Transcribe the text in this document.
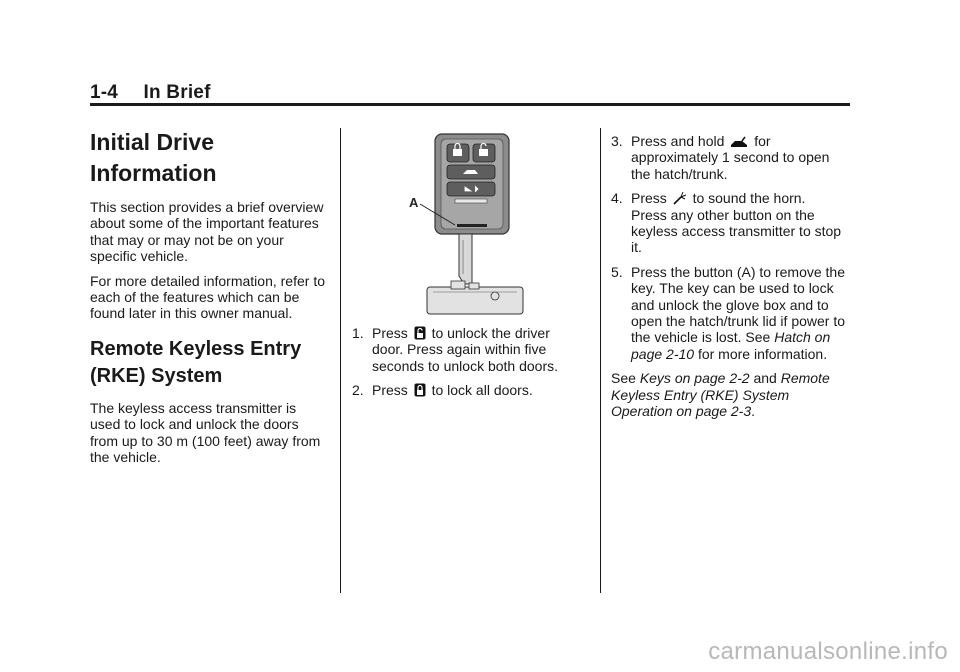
1-4 In Brief
Initial Drive Information

This section provides a brief overview about some of the important features that may or may not be on your specific vehicle.

For more detailed information, refer to each of the features which can be found later in this owner manual.

Remote Keyless Entry (RKE) System

The keyless access transmitter is used to lock and unlock the doors from up to 30 m (100 feet) away from the vehicle.

A
1. Press to unlock the driver
door. Press again within five seconds to unlock both doors.
2. Press to lock all doors.
3. Press and hold for
approximately 1 second to open the hatch/trunk.
4. Press to sound the horn.
Press any other button on the keyless access transmitter to stop it.
5. Press the button (A) to remove the key. The key can be used to lock and unlock the glove box and to open the hatch/trunk lid if power to the vehicle is lost. See Hatch on page 2-10 for more information.

See Keys on page 2-2 and Remote Keyless Entry (RKE) System Operation on page 2-3.

carmanualsonline.info
